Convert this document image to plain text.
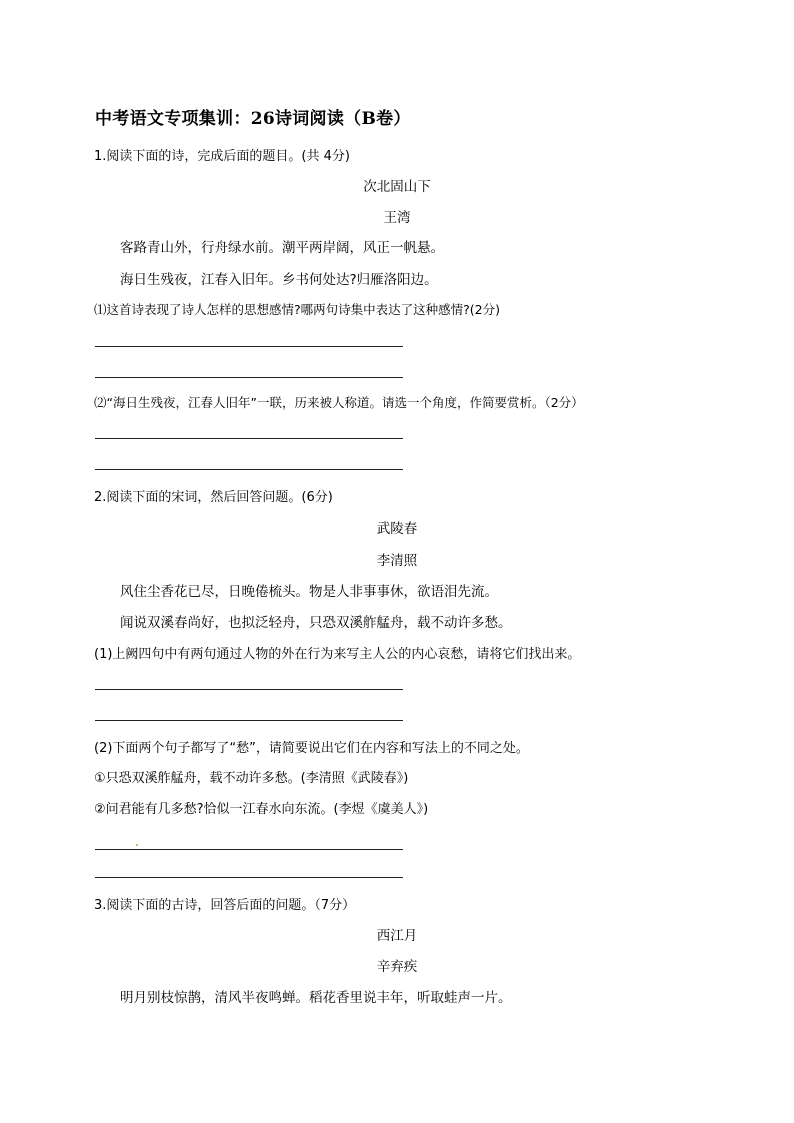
中考语文专项集训：26诗词阅读（B卷）
1.阅读下面的诗，完成后面的题目。(共 4分)
次北固山下
王湾
客路青山外，行舟绿水前。潮平两岸阔，风正一帆悬。
海日生残夜，江春入旧年。乡书何处达?归雁洛阳边。
⑴这首诗表现了诗人怎样的思想感情?哪两句诗集中表达了这种感情?(2分)
⑵“海日生残夜，江春人旧年”一联，历来被人称道。请选一个角度，作简要赏析。（2分）
2.阅读下面的宋词，然后回答问题。(6分)
武陵春
李清照
风住尘香花已尽，日晚倦梳头。物是人非事事休，欲语泪先流。
闻说双溪春尚好，也拟泛轻舟，只恐双溪舴艋舟，载不动许多愁。
(1)上阙四句中有两句通过人物的外在行为来写主人公的内心哀愁，请将它们找出来。
(2)下面两个句子都写了“愁”，请简要说出它们在内容和写法上的不同之处。
①只恐双溪舴艋舟，载不动许多愁。(李清照《武陵春》)
②问君能有几多愁?恰似一江春水向东流。(李煜《虞美人》)
3.阅读下面的古诗，回答后面的问题。（7分）
西江月
辛弃疾
明月别枝惊鹊，清风半夜鸣蝉。稻花香里说丰年，听取蛙声一片。
